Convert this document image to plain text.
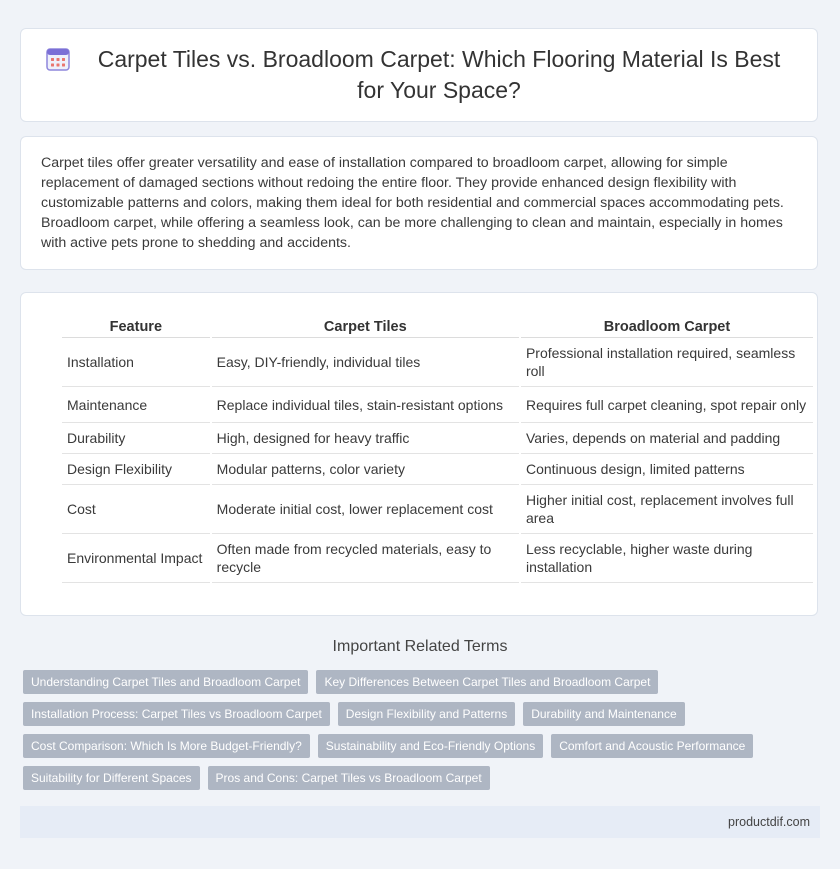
Carpet Tiles vs. Broadloom Carpet: Which Flooring Material Is Best for Your Space?

Carpet tiles offer greater versatility and ease of installation compared to broadloom carpet, allowing for simple replacement of damaged sections without redoing the entire floor. They provide enhanced design flexibility with customizable patterns and colors, making them ideal for both residential and commercial spaces accommodating pets. Broadloom carpet, while offering a seamless look, can be more challenging to clean and maintain, especially in homes with active pets prone to shedding and accidents.

Feature	Carpet Tiles	Broadloom Carpet
Installation	Easy, DIY-friendly, individual tiles	Professional installation required, seamless roll
Maintenance	Replace individual tiles, stain-resistant options	Requires full carpet cleaning, spot repair only
Durability	High, designed for heavy traffic	Varies, depends on material and padding
Design Flexibility	Modular patterns, color variety	Continuous design, limited patterns
Cost	Moderate initial cost, lower replacement cost	Higher initial cost, replacement involves full area
Environmental Impact	Often made from recycled materials, easy to recycle	Less recyclable, higher waste during installation
Important Related Terms
Understanding Carpet Tiles and Broadloom Carpet	Key Differences Between Carpet Tiles and Broadloom Carpet
Installation Process: Carpet Tiles vs Broadloom Carpet	Design Flexibility and Patterns	Durability and Maintenance
Cost Comparison: Which Is More Budget-Friendly?	Sustainability and Eco-Friendly Options	Comfort and Acoustic Performance
Suitability for Different Spaces	Pros and Cons: Carpet Tiles vs Broadloom Carpet
productdif.com
